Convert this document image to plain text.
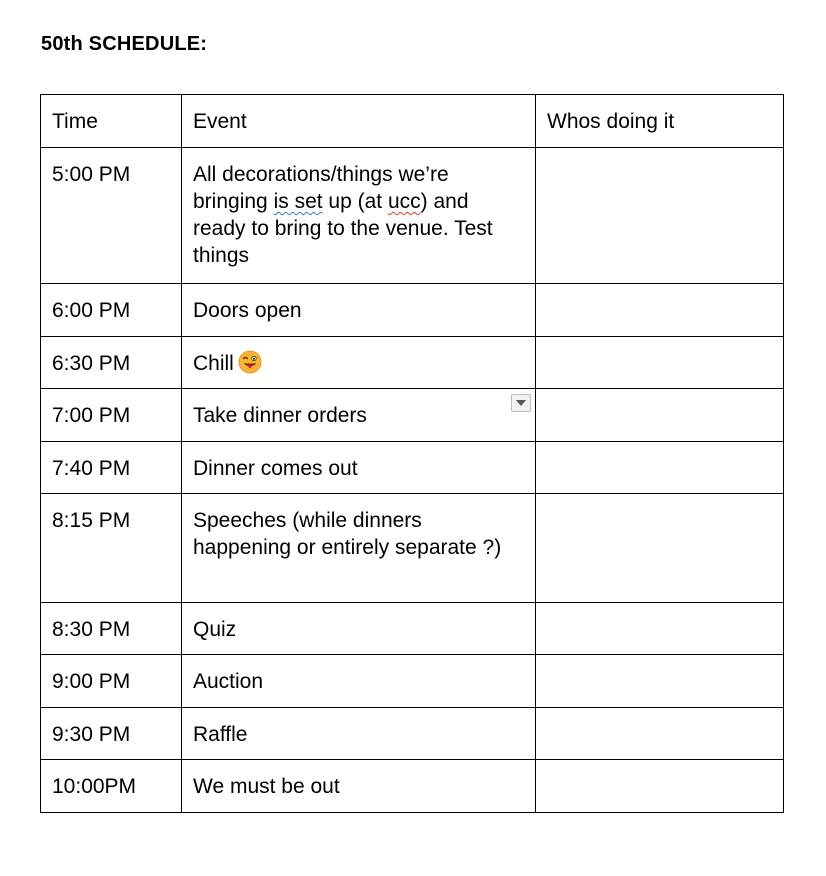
50th SCHEDULE:
Time	Event	Whos doing it
5:00 PM	All decorations/things we’re bringing is set up (at ucc) and ready to bring to the venue. Test things	
6:00 PM	Doors open	
6:30 PM	Chill	
7:00 PM	Take dinner orders

7:40 PM	Dinner comes out	
8:15 PM	Speeches (while dinners happening or entirely separate ?)	
8:30 PM	Quiz	
9:00 PM	Auction	
9:30 PM	Raffle	
10:00PM	We must be out	
